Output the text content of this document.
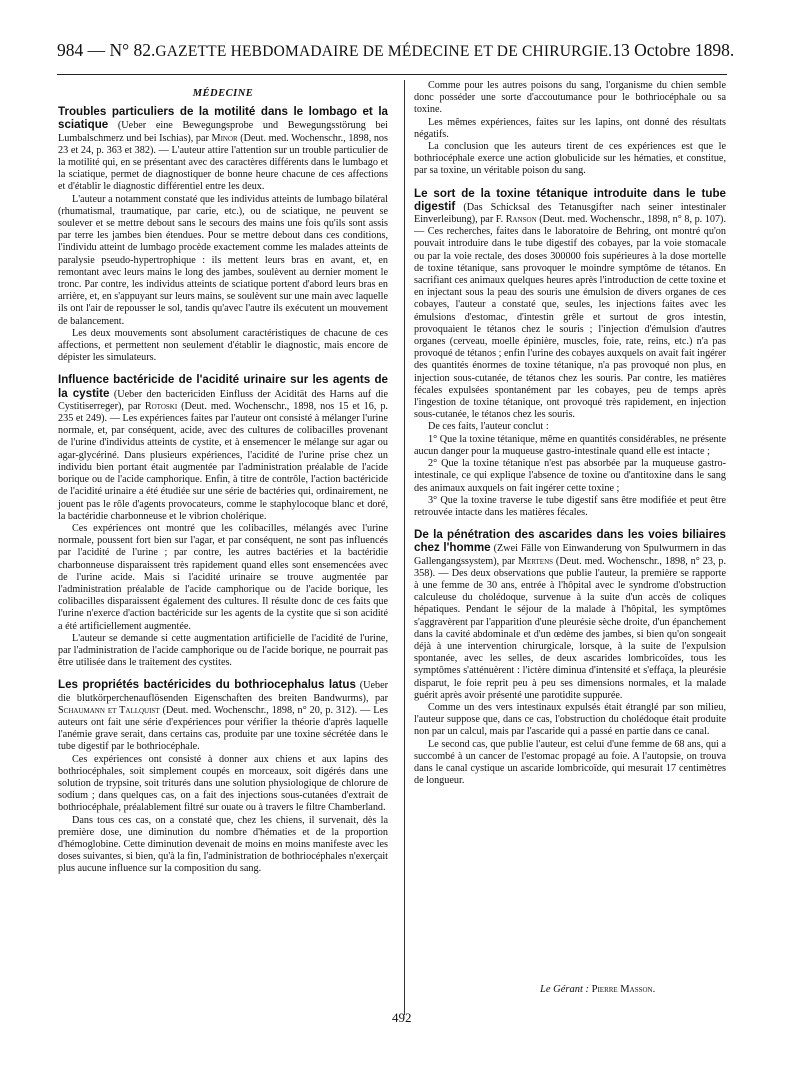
984 — N° 82. GAZETTE HEBDOMADAIRE DE MÉDECINE ET DE CHIRURGIE. 13 Octobre 1898.
MÉDECINE

Troubles particuliers de la motilité dans le lombago et la sciatique (Ueber eine Bewegungsprobe und Bewegungsstörung bei Lumbalschmerz und bei Ischias), par Minor (Deut. med. Wochenschr., 1898, nos 23 et 24, p. 363 et 382). — L'auteur attire l'attention sur un trouble particulier de la motilité qui, en se présentant avec des caractères différents dans le lumbago et la sciatique, permet de diagnostiquer de bonne heure chacune de ces affections et d'établir le diagnostic différentiel entre les deux.

L'auteur a notamment constaté que les individus atteints de lumbago bilatéral (rhumatismal, traumatique, par carie, etc.), ou de sciatique, ne peuvent se soulever et se mettre debout sans le secours des mains une fois qu'ils sont assis par terre les jambes bien étendues. Pour se mettre debout dans ces conditions, l'individu atteint de lumbago procède exactement comme les malades atteints de paralysie pseudo-hypertrophique : ils mettent leurs bras en avant, et, en remontant avec leurs mains le long des jambes, soulèvent au dernier moment le tronc. Par contre, les individus atteints de sciatique portent d'abord leurs bras en arrière, et, en s'appuyant sur leurs mains, se soulèvent sur une main avec laquelle ils ont l'air de repousser le sol, tandis qu'avec l'autre ils exécutent un mouvement de balancement.

Les deux mouvements sont absolument caractéristiques de chacune de ces affections, et permettent non seulement d'établir le diagnostic, mais encore de dépister les simulateurs.

Influence bactéricide de l'acidité urinaire sur les agents de la cystite (Ueber den bactericiden Einfluss der Acidität des Harns auf die Cystitiserreger), par Rotoski (Deut. med. Wochenschr., 1898, nos 15 et 16, p. 235 et 249). — Les expériences faites par l'auteur ont consisté à mélanger l'urine normale, et, par conséquent, acide, avec des cultures de colibacilles provenant de l'urine d'individus atteints de cystite, et à ensemencer le mélange sur agar ou agar-glycériné. Dans plusieurs expériences, l'acidité de l'urine prise chez un individu bien portant était augmentée par l'administration préalable de l'acide borique ou de l'acide camphorique. Enfin, à titre de contrôle, l'action bactéricide de l'acidité urinaire a été étudiée sur une série de bactéries qui, ordinairement, ne jouent pas le rôle d'agents provocateurs, comme le staphylocoque blanc et doré, la bactéridie charbonneuse et le vibrion cholérique.

Ces expériences ont montré que les colibacilles, mélangés avec l'urine normale, poussent fort bien sur l'agar, et par conséquent, ne sont pas influencés par l'acidité de l'urine ; par contre, les autres bactéries et la bactéridie charbonneuse disparaissent très rapidement quand elles sont ensemencées avec de l'urine acide. Mais si l'acidité urinaire se trouve augmentée par l'administration préalable de l'acide camphorique ou de l'acide borique, les colibacilles disparaissent également des cultures. Il résulte donc de ces faits que l'urine n'exerce d'action bactéricide sur les agents de la cystite que si son acidité a été artificiellement augmentée.

L'auteur se demande si cette augmentation artificielle de l'acidité de l'urine, par l'administration de l'acide camphorique ou de l'acide borique, ne pourrait pas être utilisée dans le traitement des cystites.

Les propriétés bactéricides du bothriocephalus latus (Ueber die blutkörperchenauflösenden Eigenschaften des breiten Bandwurms), par Schaumann et Tallquist (Deut. med. Wochenschr., 1898, n° 20, p. 312). — Les auteurs ont fait une série d'expériences pour vérifier la théorie d'après laquelle l'anémie grave serait, dans certains cas, produite par une toxine sécrétée dans le tube digestif par le bothriocéphale.

Ces expériences ont consisté à donner aux chiens et aux lapins des bothriocéphales, soit simplement coupés en morceaux, soit digérés dans une solution de trypsine, soit triturés dans une solution physiologique de chlorure de sodium ; dans quelques cas, on a fait des injections sous-cutanées d'extrait de bothriocéphale, préalablement filtré sur ouate ou à travers le filtre Chamberland.

Dans tous ces cas, on a constaté que, chez les chiens, il survenait, dès la première dose, une diminution du nombre d'hématies et de la proportion d'hémoglobine. Cette diminution devenait de moins en moins manifeste avec les doses suivantes, si bien, qu'à la fin, l'administration de bothriocéphales n'exerçait plus aucune influence sur la composition du sang.

Comme pour les autres poisons du sang, l'organisme du chien semble donc posséder une sorte d'accoutumance pour le bothriocéphale ou sa toxine.

Les mêmes expériences, faites sur les lapins, ont donné des résultats négatifs.

La conclusion que les auteurs tirent de ces expériences est que le bothriocéphale exerce une action globulicide sur les hématies, et constitue, par sa toxine, un véritable poison du sang.

Le sort de la toxine tétanique introduite dans le tube digestif (Das Schicksal des Tetanusgifter nach seiner intestinaler Einverleibung), par F. Ranson (Deut. med. Wochenschr., 1898, n° 8, p. 107). — Ces recherches, faites dans le laboratoire de Behring, ont montré qu'on pouvait introduire dans le tube digestif des cobayes, par la voie stomacale ou par la voie rectale, des doses 300000 fois supérieures à la dose mortelle de toxine tétanique, sans provoquer le moindre symptôme de tétanos. En sacrifiant ces animaux quelques heures après l'introduction de cette toxine et en injectant sous la peau des souris une émulsion de divers organes de ces cobayes, l'auteur a constaté que, seules, les injections faites avec les émulsions d'estomac, d'intestin grêle et surtout de gros intestin, provoquaient le tétanos chez le souris ; l'injection d'émulsion d'autres organes (cerveau, moelle épinière, muscles, foie, rate, reins, etc.) n'a pas provoqué de tétanos ; enfin l'urine des cobayes auxquels on avait fait ingérer des quantités énormes de toxine tétanique, n'a pas provoqué non plus, en injection sous-cutanée, de tétanos chez les souris. Par contre, les matières fécales expulsées spontanément par les cobayes, peu de temps après l'ingestion de toxine tétanique, ont provoqué très rapidement, en injection sous-cutanée, le tétanos chez les souris.

De ces faits, l'auteur conclut :

1° Que la toxine tétanique, même en quantités considérables, ne présente aucun danger pour la muqueuse gastro-intestinale quand elle est intacte ;

2° Que la toxine tétanique n'est pas absorbée par la muqueuse gastro-intestinale, ce qui explique l'absence de toxine ou d'antitoxine dans le sang des animaux auxquels on fait ingérer cette toxine ;

3° Que la toxine traverse le tube digestif sans être modifiée et peut être retrouvée intacte dans les matières fécales.

De la pénétration des ascarides dans les voies biliaires chez l'homme (Zwei Fälle von Einwanderung von Spulwurmern in das Gallengangssystem), par Mertens (Deut. med. Wochenschr., 1898, n° 23, p. 358). — Des deux observations que publie l'auteur, la première se rapporte à une femme de 30 ans, entrée à l'hôpital avec le syndrome d'obstruction calculeuse du cholédoque, survenue à la suite d'un accès de coliques hépatiques. Pendant le séjour de la malade à l'hôpital, les symptômes s'aggravèrent par l'apparition d'une pleurésie sèche droite, d'un épanchement dans la cavité abdominale et d'un œdème des jambes, si bien qu'on songeait déjà à une intervention chirurgicale, lorsque, à la suite de l'expulsion spontanée, avec les selles, de deux ascarides lombricoïdes, tous les symptômes s'atténuèrent : l'ictère diminua d'intensité et s'effaça, la pleurésie disparut, le foie reprit peu à peu ses dimensions normales, et la malade guérit après avoir présenté une parotidite suppurée.

Comme un des vers intestinaux expulsés était étranglé par son milieu, l'auteur suppose que, dans ce cas, l'obstruction du cholédoque était produite non par un calcul, mais par l'ascaride qui a passé en partie dans ce canal.

Le second cas, que publie l'auteur, est celui d'une femme de 68 ans, qui a succombé à un cancer de l'estomac propagé au foie. A l'autopsie, on trouva dans le canal cystique un ascaride lombricoïde, qui mesurait 17 centimètres de longueur.

Le Gérant : Pierre Masson.
492
